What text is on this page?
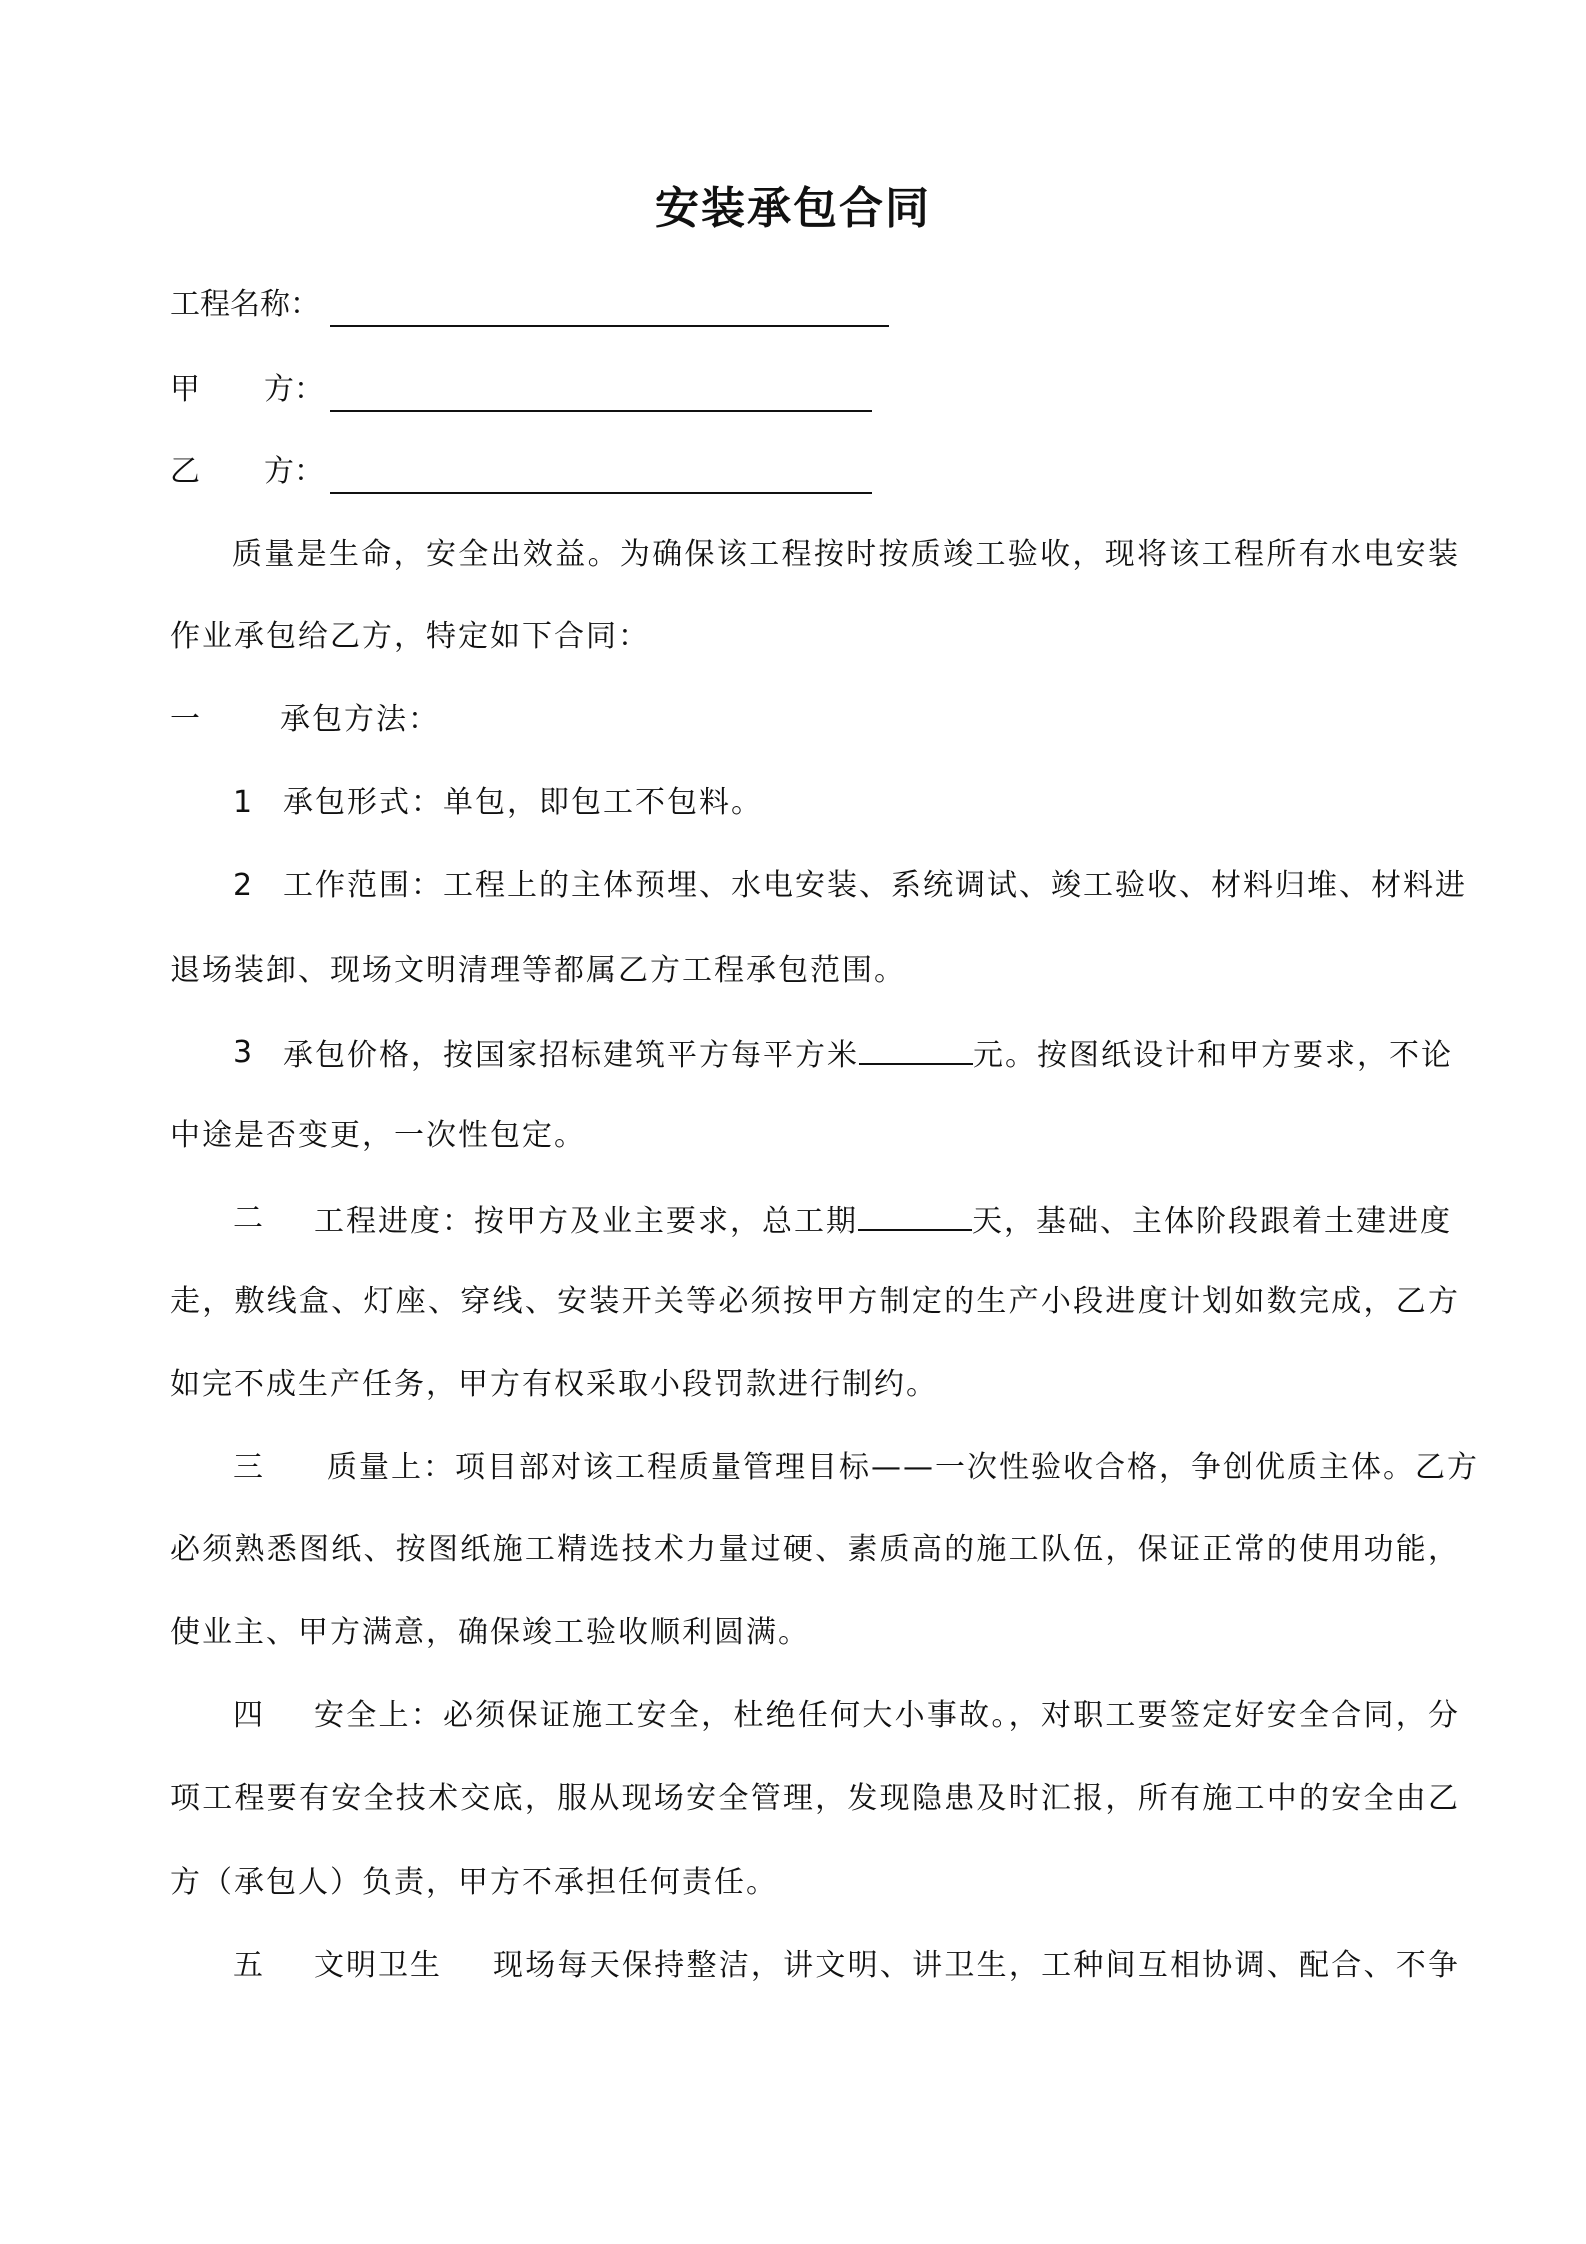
安装承包合同
工程名称：
甲 方：
乙 方：
质量是生命，安全出效益。为确保该工程按时按质竣工验收，现将该工程所有水电安装
作业承包给乙方，特定如下合同：
一	承包方法：
1 承包形式：单包，即包工不包料。
2 工作范围：工程上的主体预埋、水电安装、系统调试、竣工验收、材料归堆、材料进
退场装卸、现场文明清理等都属乙方工程承包范围。
3 承包价格，按国家招标建筑平方每平方米	元。按图纸设计和甲方要求，不论
中途是否变更，一次性包定。
二 工程进度：按甲方及业主要求，总工期	天，基础、主体阶段跟着土建进度
走，敷线盒、灯座、穿线、安装开关等必须按甲方制定的生产小段进度计划如数完成，乙方
如完不成生产任务，甲方有权采取小段罚款进行制约。
三 质量上：项目部对该工程质量管理目标——一次性验收合格，争创优质主体。乙方
必须熟悉图纸、按图纸施工精选技术力量过硬、素质高的施工队伍，保证正常的使用功能，
使业主、甲方满意，确保竣工验收顺利圆满。
四 安全上：必须保证施工安全，杜绝任何大小事故。，对职工要签定好安全合同，分
项工程要有安全技术交底，服从现场安全管理，发现隐患及时汇报，所有施工中的安全由乙
方（承包人）负责，甲方不承担任何责任。
五 文明卫生 现场每天保持整洁，讲文明、讲卫生，工种间互相协调、配合、不争
